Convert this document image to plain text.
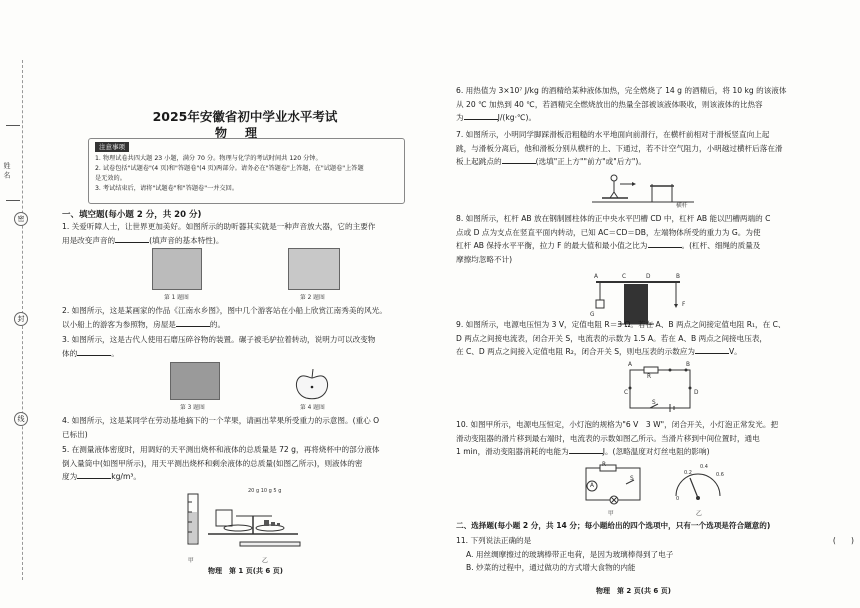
姓 名
密
封
线
2025年安徽省初中学业水平考试
物理
注意事项
1. 物理试卷共四大题 23 小题，满分 70 分。物理与化学的考试时间共 120 分钟。
2. 试卷包括"试题卷"(4 页)和"答题卷"(4 页)两部分。请务必在"答题卷"上答题，在"试题卷"上答题
是无效的。
3. 考试结束后，请将"试题卷"和"答题卷"一并交回。
一、填空题(每小题 2 分，共 20 分)
1. 关爱听障人士，让世界更加美好。如图所示的助听器其实就是一种声音放大器，它的主要作
用是改变声音的	(填声音的基本特性)。
第 1 题图	第 2 题图
2. 如图所示，这是某画家的作品《江南水乡图》，图中几个游客站在小船上欣赏江南秀美的风光。
以小船上的游客为参照物，房屋是	的。
3. 如图所示，这是古代人使用石磨压碎谷物的装置。碾子被毛驴拉着转动，说明力可以改变物
体的	。
第 3 题图	第 4 题图
4. 如图所示，这是某同学在劳动基地摘下的一个苹果，请画出苹果所受重力的示意图。(重心 O
已标出)
5. 在测量液体密度时，用调好的天平测出烧杯和液体的总质量是 72 g，再将烧杯中的部分液体
倒入量筒中(如图甲所示)，用天平测出烧杯和剩余液体的总质量(如图乙所示)，则液体的密
度为	kg/m³。
20 g 10 g 5 g
甲	乙
物理　第 1 页(共 6 页)
6. 用热值为 3×10⁷ J/kg 的酒精给某种液体加热，完全燃烧了 14 g 的酒精后，将 10 kg 的该液体
从 20 ℃ 加热到 40 ℃，若酒精完全燃烧放出的热量全部被该液体吸收，则该液体的比热容
为	J/(kg·℃)。
7. 如图所示，小明同学脚踩滑板沿粗糙的水平地面向前滑行，在横杆前相对于滑板竖直向上起
跳，与滑板分离后，他和滑板分别从横杆的上、下通过，若不计空气阻力，小明越过横杆后落在滑
板上起跳点的	(选填"正上方""前方"或"后方")。
横杆
8. 如图所示，杠杆 AB 放在钢制圆柱体的正中央水平凹槽 CD 中，杠杆 AB 能以凹槽两端的 C
点或 D 点为支点在竖直平面内转动，已知 AC＝CD＝DB，左端物体所受的重力为 G。为使
杠杆 AB 保持水平平衡，拉力 F 的最大值和最小值之比为	。(杠杆、细绳的质量及
摩擦均忽略不计)
A	C	D	B
G
F
9. 如图所示，电源电压恒为 3 V，定值电阻 R＝3 Ω。若在 A、B 两点之间接定值电阻 R₁，在 C、
D 两点之间接电流表，闭合开关 S，电流表的示数为 1.5 A。若在 A、B 两点之间接电压表，
在 C、D 两点之间接入定值电阻 R₂，闭合开关 S，则电压表的示数应为	V。
A	B
R
C	D
S
10. 如图甲所示，电源电压恒定，小灯泡的规格为"6 V　3 W"，闭合开关，小灯泡正常发光。把
滑动变阻器的滑片移到最右端时，电流表的示数如图乙所示。当滑片移到中间位置时，通电
1 min，滑动变阻器消耗的电能为	J。(忽略温度对灯丝电阻的影响)
A
R
S
0
0.2
0.4
0.6
甲	乙
二、选择题(每小题 2 分，共 14 分；每小题给出的四个选项中，只有一个选项是符合题意的)
11. 下列说法正确的是	(　　)
A. 用丝绸摩擦过的玻璃棒带正电荷，是因为玻璃棒得到了电子
B. 炒菜的过程中，通过做功的方式增大食物的内能
物理　第 2 页(共 6 页)
